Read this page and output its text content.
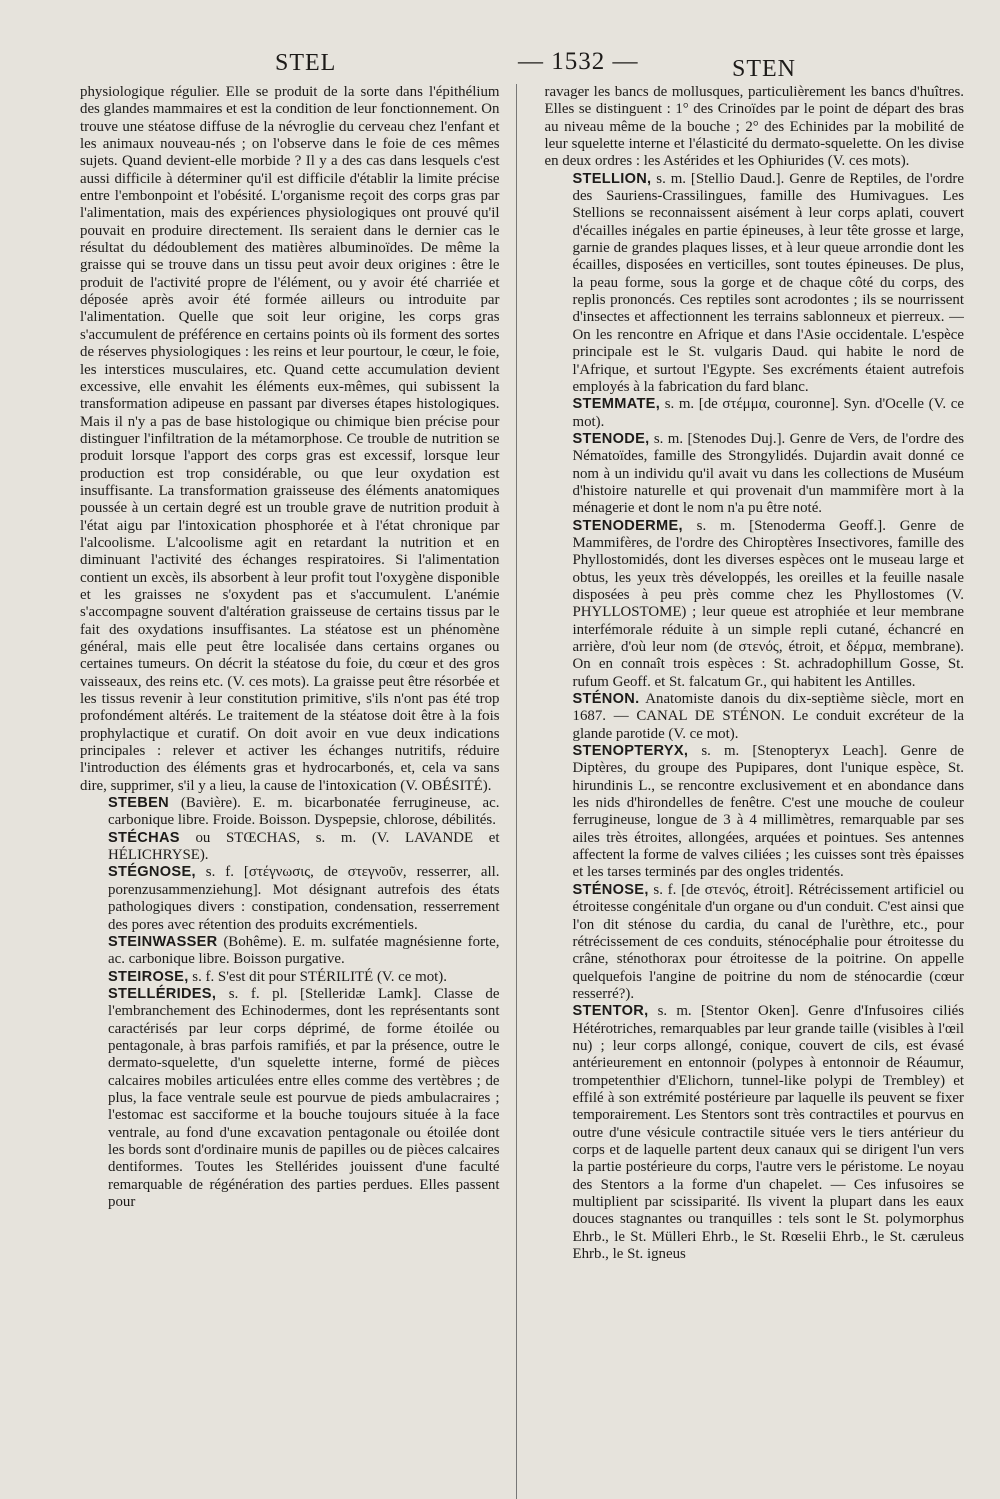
STEL	— 1532 —	STEN

physiologique régulier. Elle se produit de la sorte dans l'épithélium des glandes mammaires et est la condition de leur fonctionnement. On trouve une stéatose diffuse de la névroglie du cerveau chez l'enfant et les animaux nouveau-nés ; on l'observe dans le foie de ces mêmes sujets. Quand devient-elle morbide ? Il y a des cas dans lesquels c'est aussi difficile à déterminer qu'il est difficile d'établir la limite précise entre l'embonpoint et l'obésité. L'organisme reçoit des corps gras par l'alimentation, mais des expériences physiologiques ont prouvé qu'il pouvait en produire directement. Ils seraient dans le dernier cas le résultat du dédoublement des matières albuminoïdes. De même la graisse qui se trouve dans un tissu peut avoir deux origines : être le produit de l'activité propre de l'élément, ou y avoir été charriée et déposée après avoir été formée ailleurs ou introduite par l'alimentation. Quelle que soit leur origine, les corps gras s'accumulent de préférence en certains points où ils forment des sortes de réserves physiologiques : les reins et leur pourtour, le cœur, le foie, les interstices musculaires, etc. Quand cette accumulation devient excessive, elle envahit les éléments eux-mêmes, qui subissent la transformation adipeuse en passant par diverses étapes histologiques. Mais il n'y a pas de base histologique ou chimique bien précise pour distinguer l'infiltration de la métamorphose. Ce trouble de nutrition se produit lorsque l'apport des corps gras est excessif, lorsque leur production est trop considérable, ou que leur oxydation est insuffisante. La transformation graisseuse des éléments anatomiques poussée à un certain degré est un trouble grave de nutrition produit à l'état aigu par l'intoxication phosphorée et à l'état chronique par l'alcoolisme. L'alcoolisme agit en retardant la nutrition et en diminuant l'activité des échanges respiratoires. Si l'alimentation contient un excès, ils absorbent à leur profit tout l'oxygène disponible et les graisses ne s'oxydent pas et s'accumulent. L'anémie s'accompagne souvent d'altération graisseuse de certains tissus par le fait des oxydations insuffisantes. La stéatose est un phénomène général, mais elle peut être localisée dans certains organes ou certaines tumeurs. On décrit la stéatose du foie, du cœur et des gros vaisseaux, des reins etc. (V. ces mots). La graisse peut être résorbée et les tissus revenir à leur constitution primitive, s'ils n'ont pas été trop profondément altérés. Le traitement de la stéatose doit être à la fois prophylactique et curatif. On doit avoir en vue deux indications principales : relever et activer les échanges nutritifs, réduire l'introduction des éléments gras et hydrocarbonés, et, cela va sans dire, supprimer, s'il y a lieu, la cause de l'intoxication (V. OBÉSITÉ).

STEBEN (Bavière). E. m. bicarbonatée ferrugineuse, ac. carbonique libre. Froide. Boisson. Dyspepsie, chlorose, débilités.

STÉCHAS ou STŒCHAS, s. m. (V. LAVANDE et HÉLICHRYSE).

STÉGNOSE, s. f. [στέγνωσις, de στεγνοῦν, resserrer, all. porenzusammenziehung]. Mot désignant autrefois des états pathologiques divers : constipation, condensation, resserrement des pores avec rétention des produits excrémentiels.

STEINWASSER (Bohême). E. m. sulfatée magnésienne forte, ac. carbonique libre. Boisson purgative.

STEIROSE, s. f. S'est dit pour STÉRILITÉ (V. ce mot).

STELLÉRIDES, s. f. pl. [Stelleridæ Lamk]. Classe de l'embranchement des Echinodermes, dont les représentants sont caractérisés par leur corps déprimé, de forme étoilée ou pentagonale, à bras parfois ramifiés, et par la présence, outre le dermato-squelette, d'un squelette interne, formé de pièces calcaires mobiles articulées entre elles comme des vertèbres ; de plus, la face ventrale seule est pourvue de pieds ambulacraires ; l'estomac est sacciforme et la bouche toujours située à la face ventrale, au fond d'une excavation pentagonale ou étoilée dont les bords sont d'ordinaire munis de papilles ou de pièces calcaires dentiformes. Toutes les Stellérides jouissent d'une faculté remarquable de régénération des parties perdues. Elles passent pour

ravager les bancs de mollusques, particulièrement les bancs d'huîtres. Elles se distinguent : 1° des Crinoïdes par le point de départ des bras au niveau même de la bouche ; 2° des Echinides par la mobilité de leur squelette interne et l'élasticité du dermato-squelette. On les divise en deux ordres : les Astérides et les Ophiurides (V. ces mots).

STELLION, s. m. [Stellio Daud.]. Genre de Reptiles, de l'ordre des Sauriens-Crassilingues, famille des Humivagues. Les Stellions se reconnaissent aisément à leur corps aplati, couvert d'écailles inégales en partie épineuses, à leur tête grosse et large, garnie de grandes plaques lisses, et à leur queue arrondie dont les écailles, disposées en verticilles, sont toutes épineuses. De plus, la peau forme, sous la gorge et de chaque côté du corps, des replis prononcés. Ces reptiles sont acrodontes ; ils se nourrissent d'insectes et affectionnent les terrains sablonneux et pierreux. — On les rencontre en Afrique et dans l'Asie occidentale. L'espèce principale est le St. vulgaris Daud. qui habite le nord de l'Afrique, et surtout l'Egypte. Ses excréments étaient autrefois employés à la fabrication du fard blanc.

STEMMATE, s. m. [de στέμμα, couronne]. Syn. d'Ocelle (V. ce mot).

STENODE, s. m. [Stenodes Duj.]. Genre de Vers, de l'ordre des Nématoïdes, famille des Strongylidés. Dujardin avait donné ce nom à un individu qu'il avait vu dans les collections de Muséum d'histoire naturelle et qui provenait d'un mammifère mort à la ménagerie et dont le nom n'a pu être noté.

STENODERME, s. m. [Stenoderma Geoff.]. Genre de Mammifères, de l'ordre des Chiroptères Insectivores, famille des Phyllostomidés, dont les diverses espèces ont le museau large et obtus, les yeux très développés, les oreilles et la feuille nasale disposées à peu près comme chez les Phyllostomes (V. PHYLLOSTOME) ; leur queue est atrophiée et leur membrane interfémorale réduite à un simple repli cutané, échancré en arrière, d'où leur nom (de στενός, étroit, et δέρμα, membrane). On en connaît trois espèces : St. achradophillum Gosse, St. rufum Geoff. et St. falcatum Gr., qui habitent les Antilles.

STÉNON. Anatomiste danois du dix-septième siècle, mort en 1687. — CANAL DE STÉNON. Le conduit excréteur de la glande parotide (V. ce mot).

STENOPTERYX, s. m. [Stenopteryx Leach]. Genre de Diptères, du groupe des Pupipares, dont l'unique espèce, St. hirundinis L., se rencontre exclusivement et en abondance dans les nids d'hirondelles de fenêtre. C'est une mouche de couleur ferrugineuse, longue de 3 à 4 millimètres, remarquable par ses ailes très étroites, allongées, arquées et pointues. Ses antennes affectent la forme de valves ciliées ; les cuisses sont très épaisses et les tarses terminés par des ongles tridentés.

STÉNOSE, s. f. [de στενός, étroit]. Rétrécissement artificiel ou étroitesse congénitale d'un organe ou d'un conduit. C'est ainsi que l'on dit sténose du cardia, du canal de l'urèthre, etc., pour rétrécissement de ces conduits, sténocéphalie pour étroitesse du crâne, sténothorax pour étroitesse de la poitrine. On appelle quelquefois l'angine de poitrine du nom de sténocardie (cœur resserré?).

STENTOR, s. m. [Stentor Oken]. Genre d'Infusoires ciliés Hétérotriches, remarquables par leur grande taille (visibles à l'œil nu) ; leur corps allongé, conique, couvert de cils, est évasé antérieurement en entonnoir (polypes à entonnoir de Réaumur, trompetenthier d'Elichorn, tunnel-like polypi de Trembley) et effilé à son extrémité postérieure par laquelle ils peuvent se fixer temporairement. Les Stentors sont très contractiles et pourvus en outre d'une vésicule contractile située vers le tiers antérieur du corps et de laquelle partent deux canaux qui se dirigent l'un vers la partie postérieure du corps, l'autre vers le péristome. Le noyau des Stentors a la forme d'un chapelet. — Ces infusoires se multiplient par scissiparité. Ils vivent la plupart dans les eaux douces stagnantes ou tranquilles : tels sont le St. polymorphus Ehrb., le St. Mülleri Ehrb., le St. Rœselii Ehrb., le St. cæruleus Ehrb., le St. igneus
